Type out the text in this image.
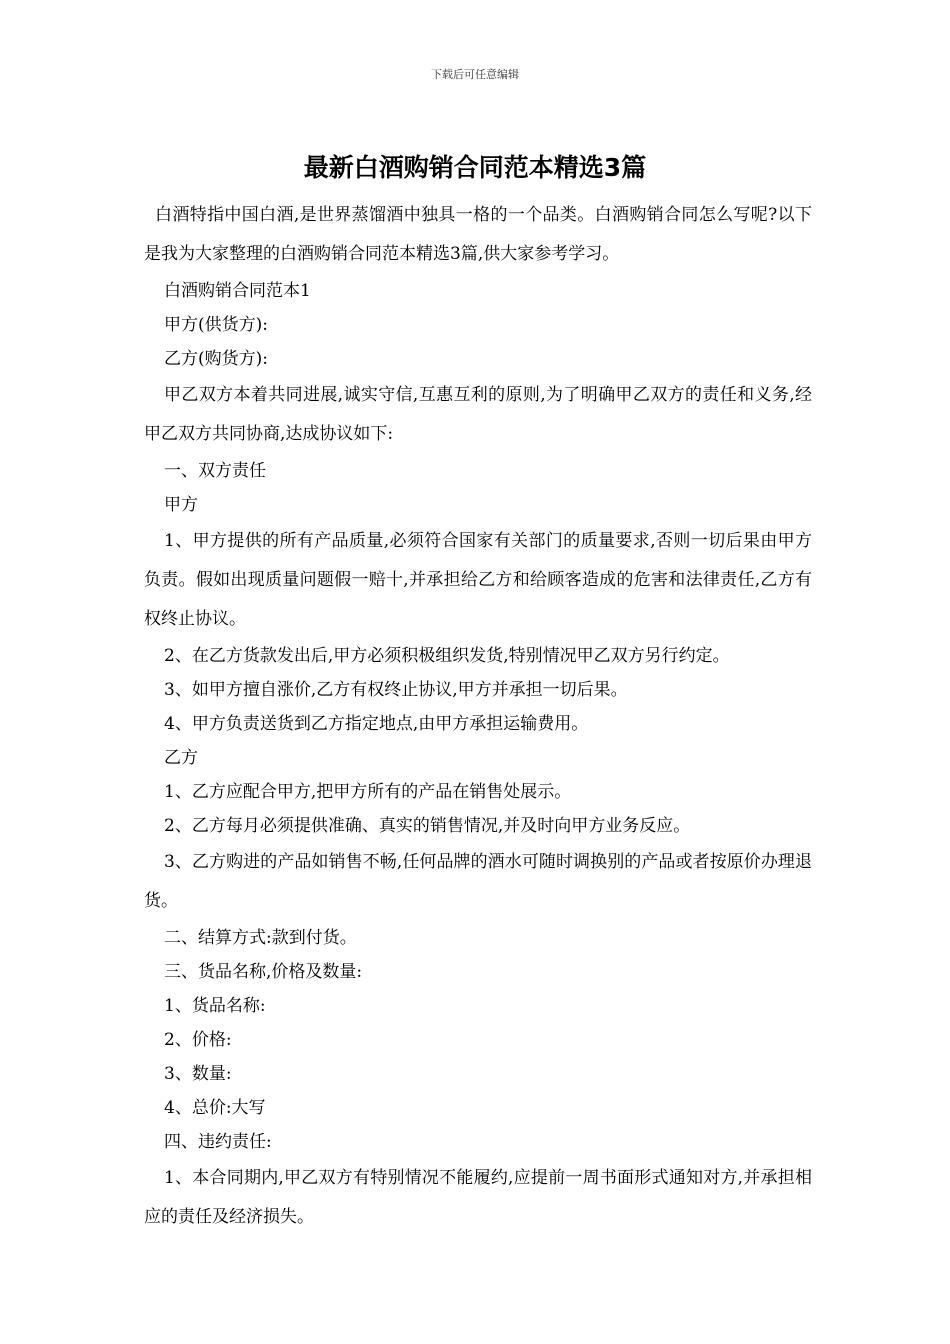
下载后可任意编辑
最新白酒购销合同范本精选3篇

白酒特指中国白酒,是世界蒸馏酒中独具一格的一个品类。白酒购销合同怎么写呢?以下是我为大家整理的白酒购销合同范本精选3篇,供大家参考学习。

白酒购销合同范本1

甲方(供货方):

乙方(购货方):

甲乙双方本着共同进展,诚实守信,互惠互利的原则,为了明确甲乙双方的责任和义务,经甲乙双方共同协商,达成协议如下:

一、双方责任

甲方

1、甲方提供的所有产品质量,必须符合国家有关部门的质量要求,否则一切后果由甲方负责。假如出现质量问题假一赔十,并承担给乙方和给顾客造成的危害和法律责任,乙方有权终止协议。

2、在乙方货款发出后,甲方必须积极组织发货,特别情况甲乙双方另行约定。

3、如甲方擅自涨价,乙方有权终止协议,甲方并承担一切后果。

4、甲方负责送货到乙方指定地点,由甲方承担运输费用。

乙方

1、乙方应配合甲方,把甲方所有的产品在销售处展示。

2、乙方每月必须提供准确、真实的销售情况,并及时向甲方业务反应。

3、乙方购进的产品如销售不畅,任何品牌的酒水可随时调换别的产品或者按原价办理退货。

二、结算方式:款到付货。

三、货品名称,价格及数量:

1、货品名称:

2、价格:

3、数量:

4、总价:大写

四、违约责任:

1、本合同期内,甲乙双方有特别情况不能履约,应提前一周书面形式通知对方,并承担相应的责任及经济损失。
